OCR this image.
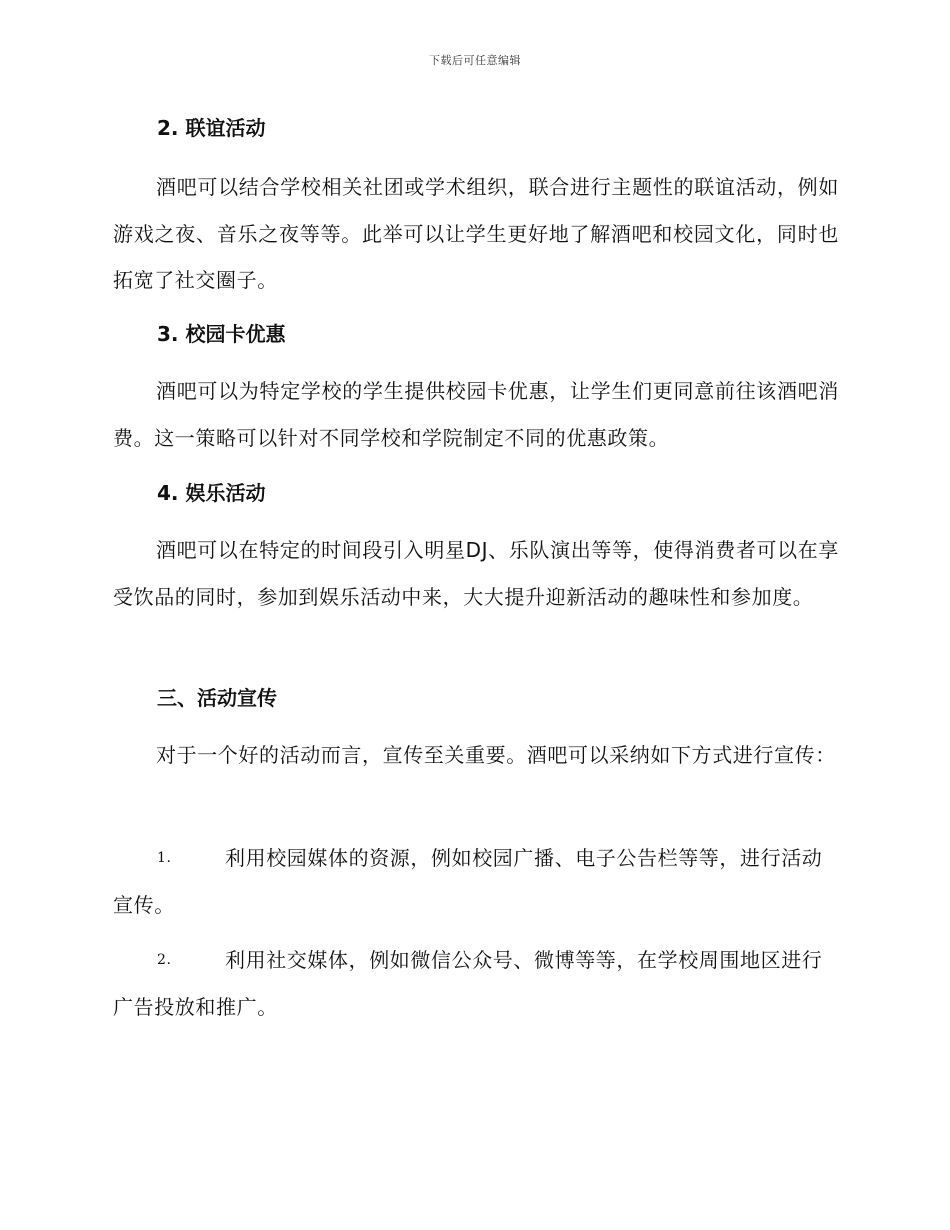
下载后可任意编辑
2. 联谊活动
酒吧可以结合学校相关社团或学术组织，联合进行主题性的联谊活动，例如游戏之夜、音乐之夜等等。此举可以让学生更好地了解酒吧和校园文化，同时也拓宽了社交圈子。
3. 校园卡优惠
酒吧可以为特定学校的学生提供校园卡优惠，让学生们更同意前往该酒吧消费。这一策略可以针对不同学校和学院制定不同的优惠政策。
4. 娱乐活动
酒吧可以在特定的时间段引入明星DJ、乐队演出等等，使得消费者可以在享受饮品的同时，参加到娱乐活动中来，大大提升迎新活动的趣味性和参加度。
三、活动宣传
对于一个好的活动而言，宣传至关重要。酒吧可以采纳如下方式进行宣传：
1.	利用校园媒体的资源，例如校园广播、电子公告栏等等，进行活动宣传。
2.	利用社交媒体，例如微信公众号、微博等等，在学校周围地区进行广告投放和推广。
